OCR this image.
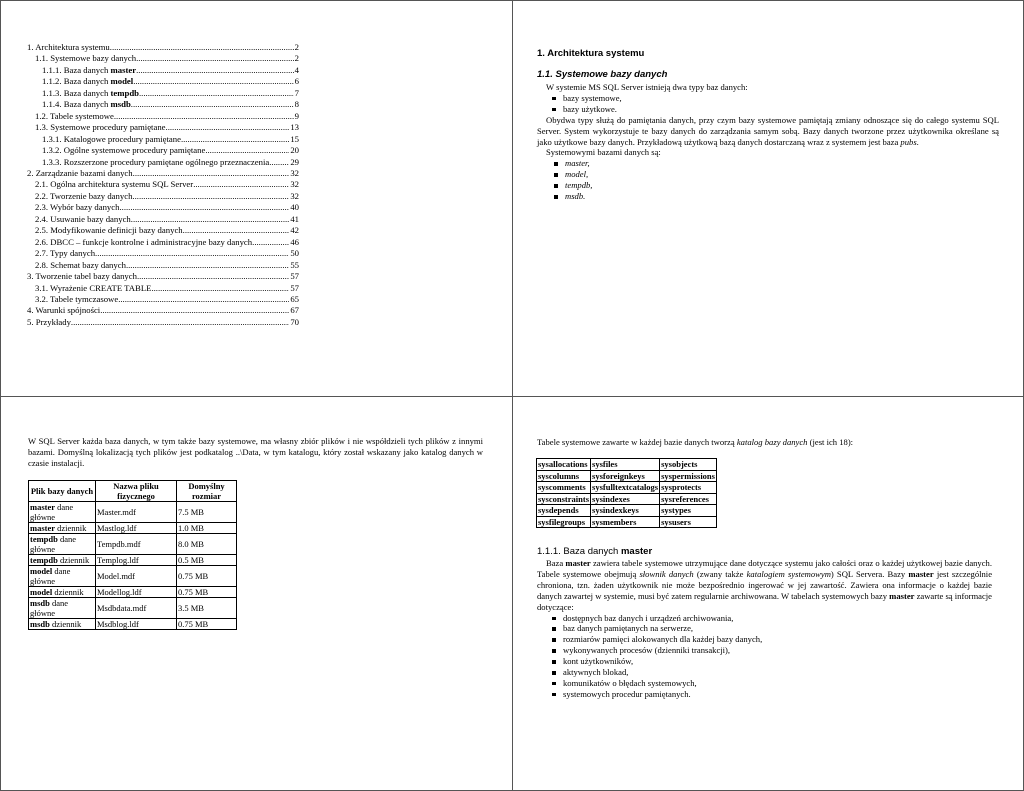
1. Architektura systemu .....	2
1.1. Systemowe bazy danych .....	2
1.1.1. Baza danych master .....	4
1.1.2. Baza danych model .....	6
1.1.3. Baza danych tempdb .....	7
1.1.4. Baza danych msdb .....	8
1.2. Tabele systemowe .....	9
1.3. Systemowe procedury pamiętane .....	13
1.3.1. Katalogowe procedury pamiętane .....	15
1.3.2. Ogólne systemowe procedury pamiętane .....	20
1.3.3. Rozszerzone procedury pamiętane ogólnego przeznaczenia ..... 29
2. Zarządzanie bazami danych .....	32
2.1. Ogólna architektura systemu SQL Server .....	32
2.2. Tworzenie bazy danych .....	32
2.3. Wybór bazy danych .....	40
2.4. Usuwanie bazy danych .....	41
2.5. Modyfikowanie definicji bazy danych .....	42
2.6. DBCC – funkcje kontrolne i administracyjne bazy danych .....	46
2.7. Typy danych .....	50
2.8. Schemat bazy danych .....	55
3. Tworzenie tabel bazy danych .....	57
3.1. Wyrażenie CREATE TABLE .....	57
3.2. Tabele tymczasowe .....	65
4. Warunki spójności .....	67
5. Przykłady .....	70
1. Architektura systemu
1.1. Systemowe bazy danych
W systemie MS SQL Server istnieją dwa typy baz danych:
bazy systemowe,
bazy użytkowe.
Obydwa typy służą do pamiętania danych, przy czym bazy systemowe pamiętają zmiany odnoszące się do całego systemu SQL Server. System wykorzystuje te bazy danych do zarządzania samym sobą. Bazy danych tworzone przez użytkownika określane są jako użytkowe bazy danych. Przykładową użytkową bazą danych dostarczaną wraz z systemem jest baza pubs.
Systemowymi bazami danych są:
master,
model,
tempdb,
msdb.
W SQL Server każda baza danych, w tym także bazy systemowe, ma własny zbiór plików i nie współdzieli tych plików z innymi bazami. Domyślną lokalizacją tych plików jest podkatalog ..\Data, w tym katalogu, który został wskazany jako katalog danych w czasie instalacji.
Plik bazy danych	Nazwa pliku fizycznego	Domyślny rozmiar
master dane główne	Master.mdf	7.5 MB
master dziennik	Mastlog.ldf	1.0 MB
tempdb dane główne	Tempdb.mdf	8.0 MB
tempdb dziennik	Templog.ldf	0.5 MB
model dane główne	Model.mdf	0.75 MB
model dziennik	Modellog.ldf	0.75 MB
msdb dane główne	Msdbdata.mdf	3.5 MB
msdb dziennik	Msdblog.ldf	0.75 MB
Tabele systemowe zawarte w każdej bazie danych tworzą katalog bazy danych (jest ich 18):
1.1.1. Baza danych master
Baza master zawiera tabele systemowe utrzymujące dane dotyczące systemu jako całości oraz o każdej użytkowej bazie danych. Tabele systemowe obejmują słownik danych (zwany także katalogiem systemowym) SQL Servera. Bazy master jest szczególnie chroniona, tzn. żaden użytkownik nie może bezpośrednio ingerować w jej zawartość. Zawiera ona informacje o każdej bazie danych zawartej w systemie, musi być zatem regularnie archiwowana. W tabelach systemowych bazy master zawarte są informacje dotyczące:
dostępnych baz danych i urządzeń archiwowania,
baz danych pamiętanych na serwerze,
rozmiarów pamięci alokowanych dla każdej bazy danych,
wykonywanych procesów (dzienniki transakcji),
kont użytkowników,
aktywnych blokad,
komunikatów o błędach systemowych,
systemowych procedur pamiętanych.
sysallocations	sysfiles	sysobjects
syscolumns	sysforeignkeys	syspermissions
syscomments	sysfulltextcatalogs	sysprotects
sysconstraints	sysindexes	sysreferences
sysdepends	sysindexkeys	systypes
sysfilegroups	sysmembers	sysusers
